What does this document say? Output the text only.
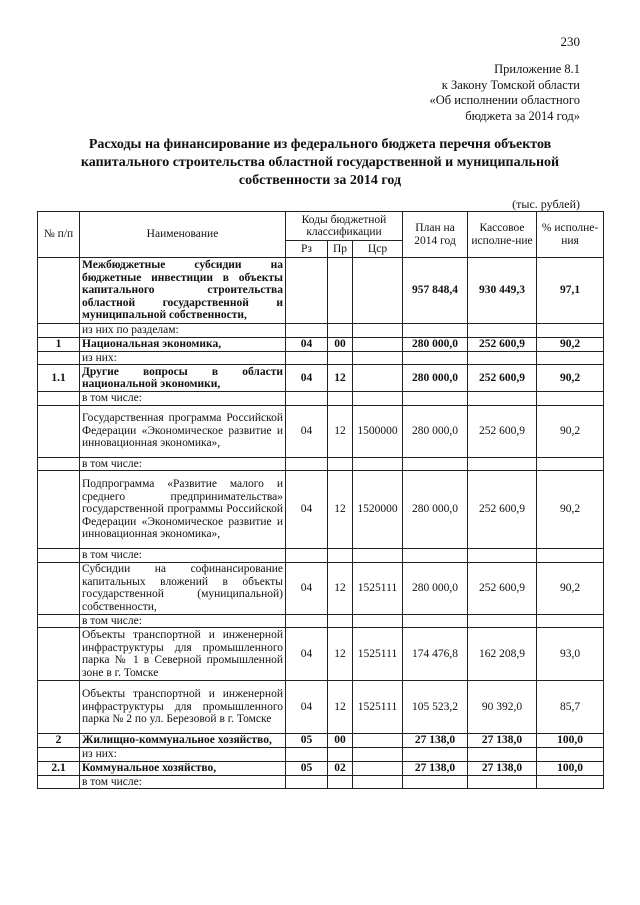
230
Приложение 8.1
к Закону Томской области
«Об исполнении областного
бюджета за 2014 год»
Расходы на финансирование из федерального бюджета перечня объектов
капитального строительства областной государственной и муниципальной
собственности за 2014 год
(тыс. рублей)
№ п/п	Наименование	Коды бюджетной классификации			План на 2014 год	Кассовое исполне-ние	% исполне-ния
		Рз	Пр	Цср			
	Межбюджетные субсидии на бюджетные инвестиции в объекты капитального строительства областной государственной и муниципальной собственности,				957 848,4	930 449,3	97,1
	из них по разделам:						
1	Национальная экономика,	04	00		280 000,0	252 600,9	90,2
	из них:						
1.1	Другие вопросы в области национальной экономики,	04	12		280 000,0	252 600,9	90,2
	в том числе:						
	Государственная программа Российской Федерации «Экономическое развитие и инновационная экономика»,	04	12	1500000	280 000,0	252 600,9	90,2
	в том числе:						
	Подпрограмма «Развитие малого и среднего предпринимательства» государственной программы Российской Федерации «Экономическое развитие и инновационная экономика»,	04	12	1520000	280 000,0	252 600,9	90,2
	в том числе:						
	Субсидии на софинансирование капитальных вложений в объекты государственной (муниципальной) собственности,	04	12	1525111	280 000,0	252 600,9	90,2
	в том числе:						
	Объекты транспортной и инженерной инфраструктуры для промышленного парка № 1 в Северной промышленной зоне в г. Томске	04	12	1525111	174 476,8	162 208,9	93,0
	Объекты транспортной и инженерной инфраструктуры для промышленного парка № 2 по ул. Березовой в г. Томске	04	12	1525111	105 523,2	90 392,0	85,7
2	Жилищно-коммунальное хозяйство,	05	00		27 138,0	27 138,0	100,0
	из них:						
2.1	Коммунальное хозяйство,	05	02		27 138,0	27 138,0	100,0
	в том числе:						
